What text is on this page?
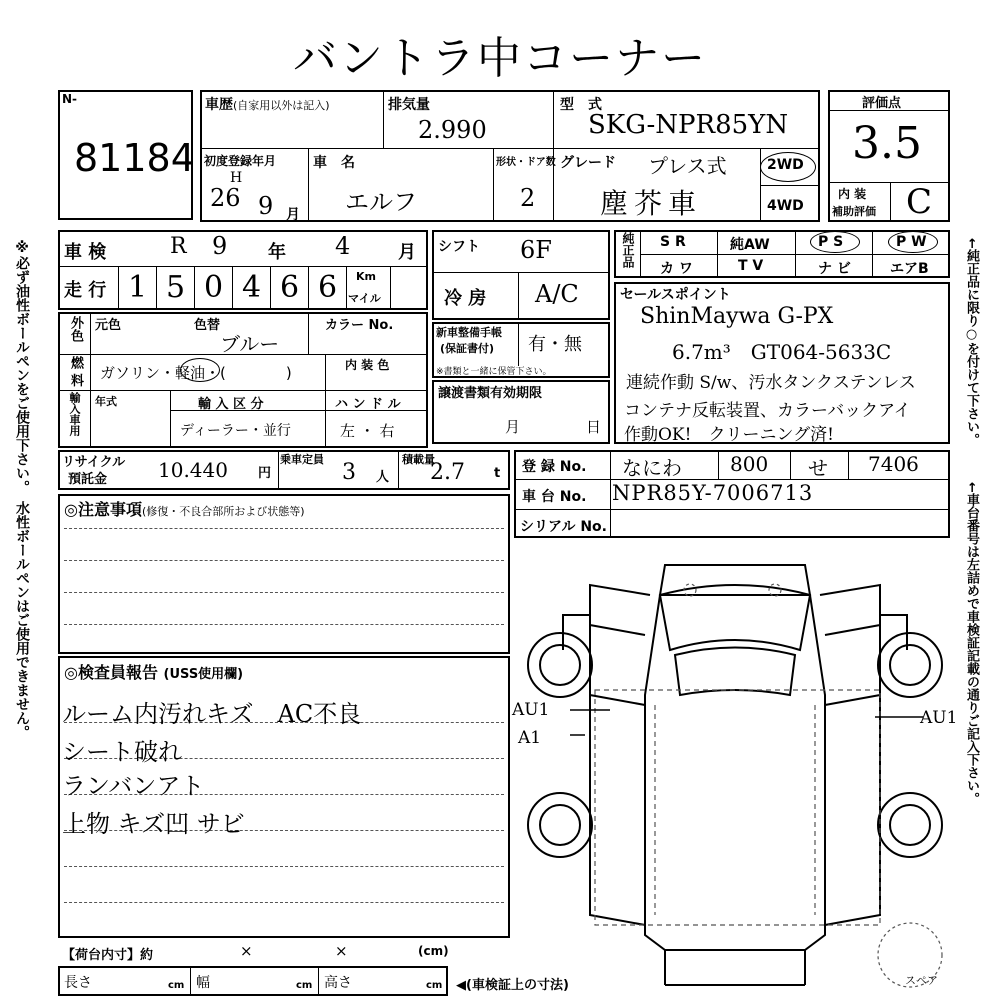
バントラ中コーナー
※必ず油性ボールペンをご使用下さい。　水性ボールペンはご使用できません。	←純正品に限り○を付けて下さい。
←車台番号は左詰めで車検証記載の通りご記入下さい。
N-
81184
車歴(自家用以外は記入)	排気量
2.990
型　式
SKG-NPR85YN
初度登録年月
H
26 9 月
車　名
エルフ
形状・ドア数
2
グレード プレス式
塵芥車
2WD
4WD
評価点
3.5
内 装
補助評価 C
車 検	R 9 年 4	月
走 行 1 5 0 4 6 6 Km
マイル
シフト 6F
冷 房 A/C
純正品 S R	純AW	P S	P W
カ ワ	T V	ナ ビ	エアB
セールスポイント
ShinMaywa G-PX
6.7m³　GT064-5633C
連続作動 S/w、汚水タンクステンレス
コンテナ反転装置、カラーバックアイ
作動OK!　クリーニング済!
外色 元色	色替
ブルー
カラー No.
燃 料 ガソリン・軽油・(　　　　)	内 装 色
輸入車用 年式	輸 入 区 分
ディーラー・並行
ハ ン ド ル
左 ・ 右
新車整備手帳
(保証書付) 有・無
※書類と一緒に保管下さい。
譲渡書類有効期限
月	日
リサイクル
預託金	10.440 円
乗車定員
3 人
積載量
2.7 t 登 録 No. なにわ 800 せ 7406
車 台 No. NPR85Y-7006713
シリアル No.
◎注意事項(修復・不良合部所および状態等)
◎検査員報告 (USS使用欄)
ルーム内汚れキズ　AC不良
シート破れ
ランバンアト
上物 キズ凹 サビ
AU1
A1
AU1
スペア
【荷台内寸】約	×	×	(cm)
長さ	cm 幅	cm 高さ	cm ◀(車検証上の寸法)
